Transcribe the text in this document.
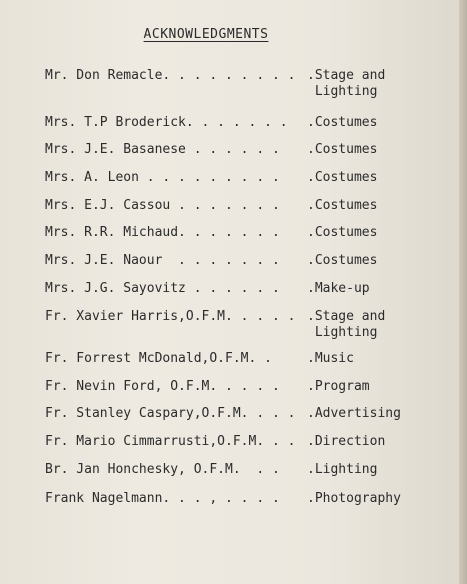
ACKNOWLEDGMENTS

Mr. Don Remacle. . . . . . . . .

.Stage and
Lighting

Mrs. T.P Broderick. . . . . . .

.Costumes

Mrs. J.E. Basanese . . . . . .

.Costumes

Mrs. A. Leon . . . . . . . . .

.Costumes

Mrs. E.J. Cassou . . . . . . .

.Costumes

Mrs. R.R. Michaud. . . . . . .

.Costumes

Mrs. J.E. Naour  . . . . . . .

.Costumes

Mrs. J.G. Sayovitz . . . . . .

.Make-up

Fr. Xavier Harris,O.F.M. . . . .

.Stage and
Lighting

Fr. Forrest McDonald,O.F.M. .

	.Music

Fr. Nevin Ford, O.F.M. . . . .

.Program

Fr. Stanley Caspary,O.F.M. . . .

.Advertising

Fr. Mario Cimmarrusti,O.F.M. . .

.Direction

Br. Jan Honchesky, O.F.M.  . .

.Lighting

Frank Nagelmann. . . , . . . .

.Photography
